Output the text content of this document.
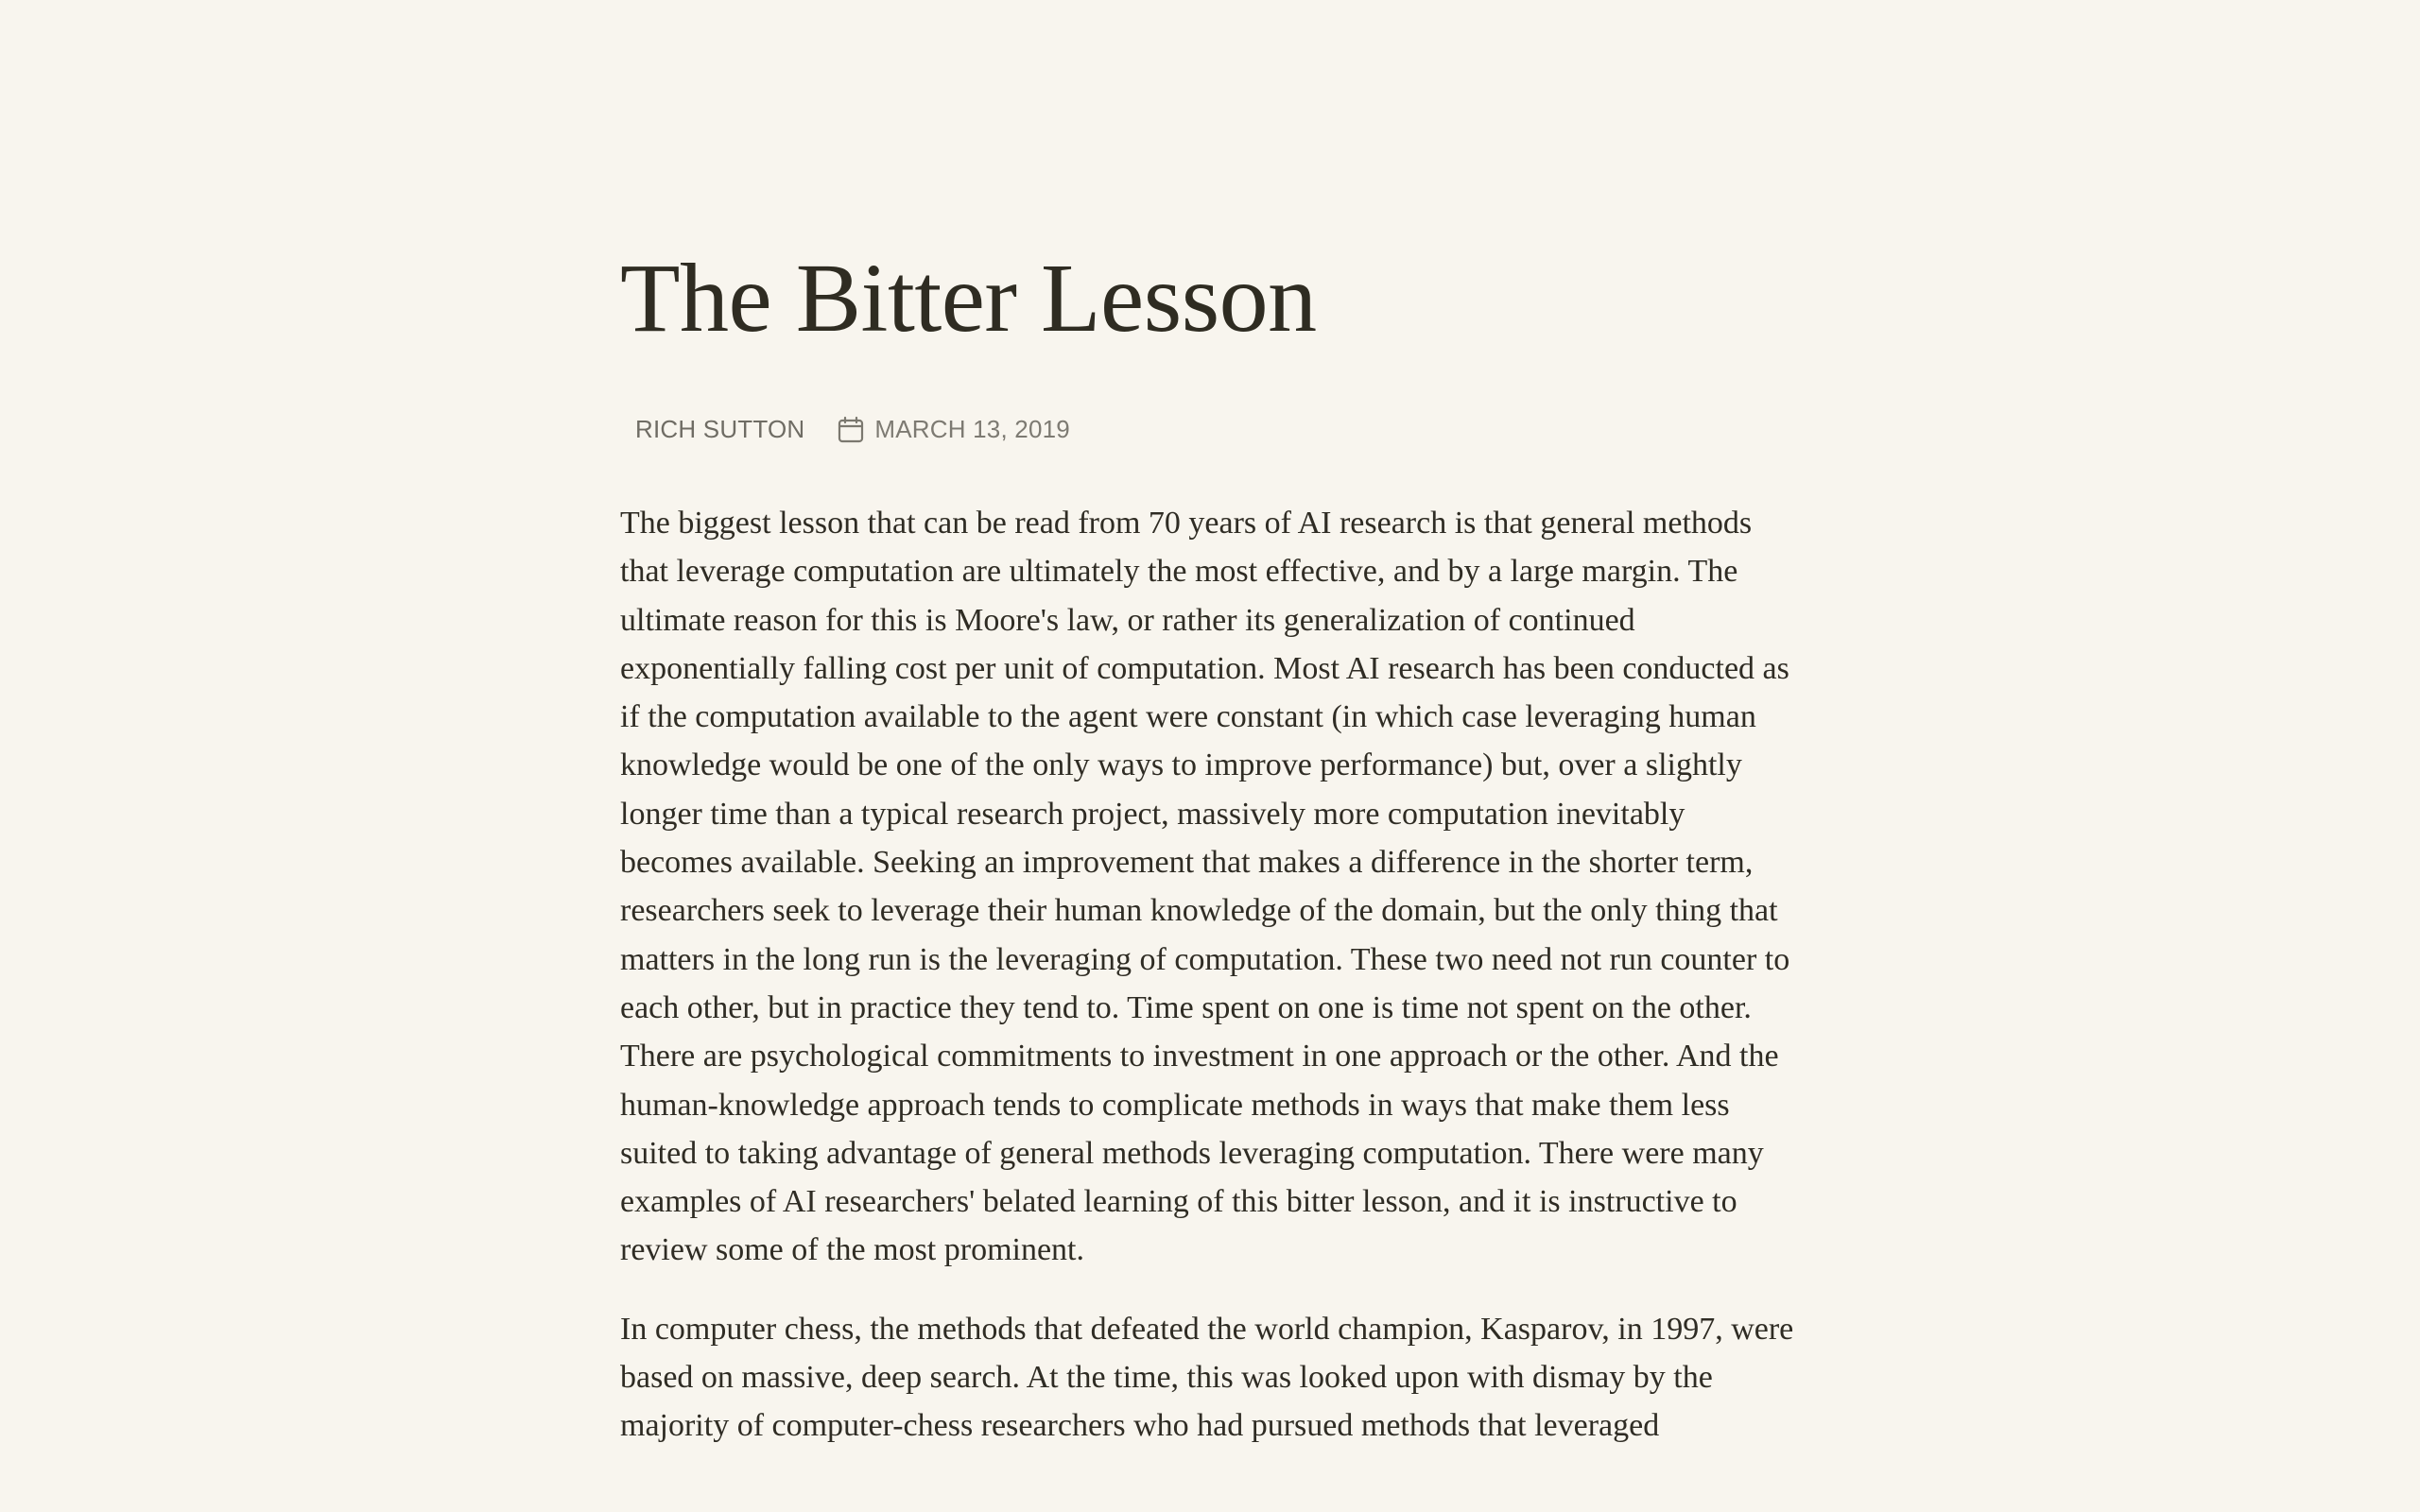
The Bitter Lesson
RICH SUTTON	MARCH 13, 2019

The biggest lesson that can be read from 70 years of AI research is that general methods that leverage computation are ultimately the most effective, and by a large margin. The ultimate reason for this is Moore's law, or rather its generalization of continued exponentially falling cost per unit of computation. Most AI research has been conducted as if the computation available to the agent were constant (in which case leveraging human knowledge would be one of the only ways to improve performance) but, over a slightly longer time than a typical research project, massively more computation inevitably becomes available. Seeking an improvement that makes a difference in the shorter term, researchers seek to leverage their human knowledge of the domain, but the only thing that matters in the long run is the leveraging of computation. These two need not run counter to each other, but in practice they tend to. Time spent on one is time not spent on the other. There are psychological commitments to investment in one approach or the other. And the human-knowledge approach tends to complicate methods in ways that make them less suited to taking advantage of general methods leveraging computation. There were many examples of AI researchers' belated learning of this bitter lesson, and it is instructive to review some of the most prominent.

In computer chess, the methods that defeated the world champion, Kasparov, in 1997, were based on massive, deep search. At the time, this was looked upon with dismay by the majority of computer-chess researchers who had pursued methods that leveraged
